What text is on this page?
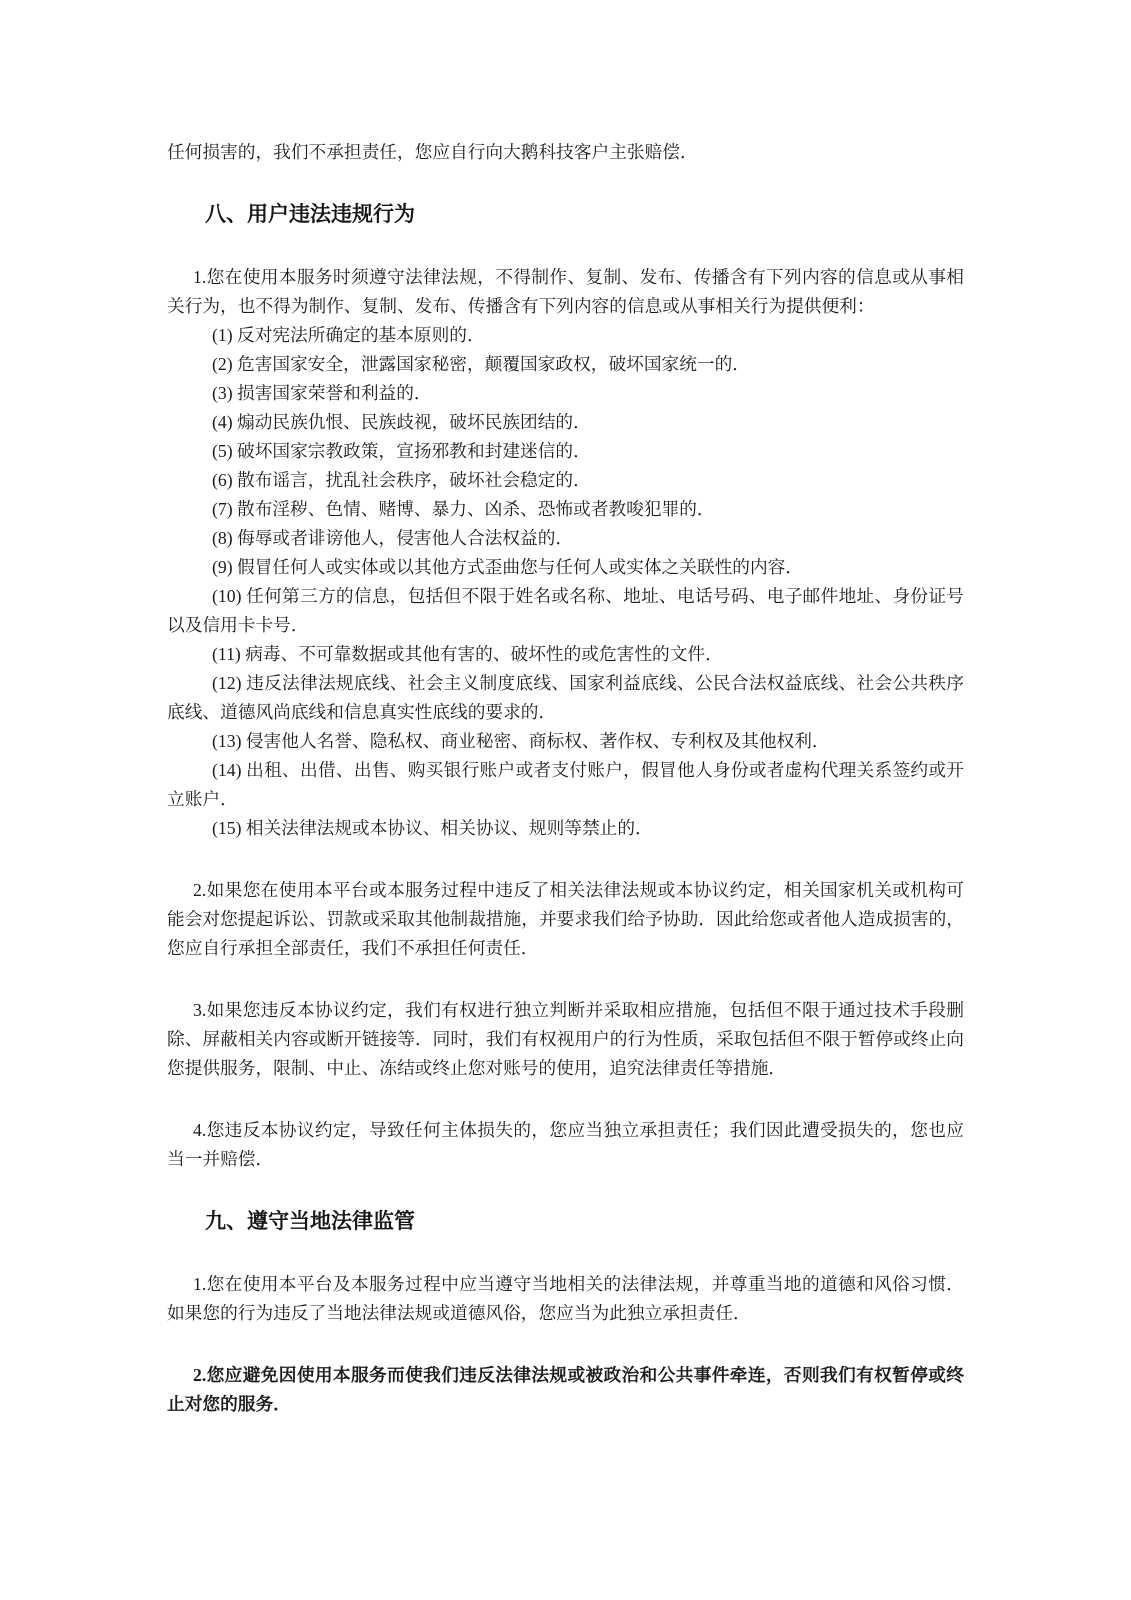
任何损害的，我们不承担责任，您应自行向大鹅科技客户主张赔偿．

八、用户违法违规行为

1.您在使用本服务时须遵守法律法规，不得制作、复制、发布、传播含有下列内容的信息或从事相关行为，也不得为制作、复制、发布、传播含有下列内容的信息或从事相关行为提供便利：

(1) 反对宪法所确定的基本原则的．

(2) 危害国家安全，泄露国家秘密，颠覆国家政权，破坏国家统一的．

(3) 损害国家荣誉和利益的．

(4) 煽动民族仇恨、民族歧视，破坏民族团结的．

(5) 破坏国家宗教政策，宣扬邪教和封建迷信的．

(6) 散布谣言，扰乱社会秩序，破坏社会稳定的．

(7) 散布淫秽、色情、赌博、暴力、凶杀、恐怖或者教唆犯罪的．

(8) 侮辱或者诽谤他人，侵害他人合法权益的．

(9) 假冒任何人或实体或以其他方式歪曲您与任何人或实体之关联性的内容．

(10) 任何第三方的信息，包括但不限于姓名或名称、地址、电话号码、电子邮件地址、身份证号以及信用卡卡号．

(11) 病毒、不可靠数据或其他有害的、破坏性的或危害性的文件．

(12) 违反法律法规底线、社会主义制度底线、国家利益底线、公民合法权益底线、社会公共秩序底线、道德风尚底线和信息真实性底线的要求的．

(13) 侵害他人名誉、隐私权、商业秘密、商标权、著作权、专利权及其他权利．

(14) 出租、出借、出售、购买银行账户或者支付账户，假冒他人身份或者虚构代理关系签约或开立账户．

(15) 相关法律法规或本协议、相关协议、规则等禁止的．

2.如果您在使用本平台或本服务过程中违反了相关法律法规或本协议约定，相关国家机关或机构可能会对您提起诉讼、罚款或采取其他制裁措施，并要求我们给予协助．因此给您或者他人造成损害的，您应自行承担全部责任，我们不承担任何责任．

3.如果您违反本协议约定，我们有权进行独立判断并采取相应措施，包括但不限于通过技术手段删除、屏蔽相关内容或断开链接等．同时，我们有权视用户的行为性质，采取包括但不限于暂停或终止向您提供服务，限制、中止、冻结或终止您对账号的使用，追究法律责任等措施．

4.您违反本协议约定，导致任何主体损失的，您应当独立承担责任；我们因此遭受损失的，您也应当一并赔偿．

九、遵守当地法律监管

1.您在使用本平台及本服务过程中应当遵守当地相关的法律法规，并尊重当地的道德和风俗习惯．如果您的行为违反了当地法律法规或道德风俗，您应当为此独立承担责任．

2.您应避免因使用本服务而使我们违反法律法规或被政治和公共事件牵连，否则我们有权暂停或终止对您的服务．
